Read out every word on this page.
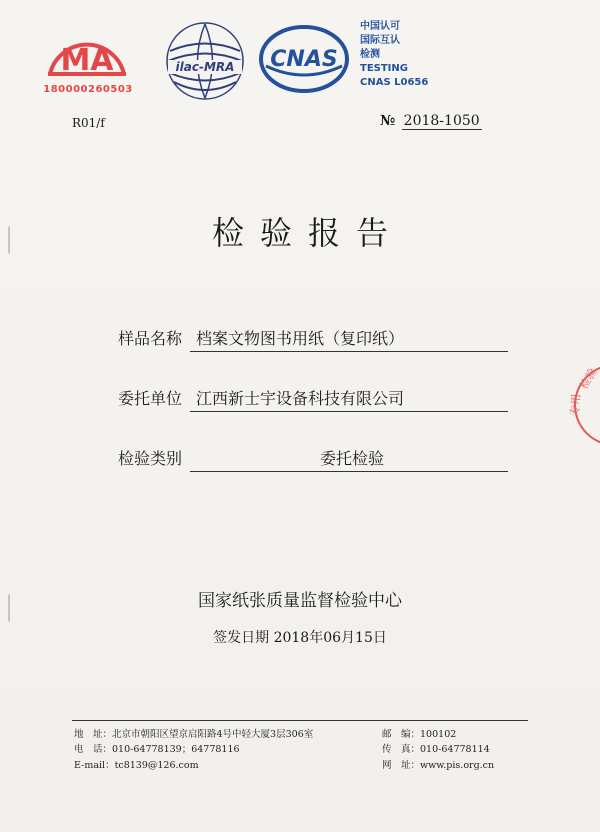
MA
180000260503
ilac-MRA CNAS
中国认可
国际互认
检测
TESTING
CNAS L0656
R01/f	№ 2018-1050
检验报告
样品名称 档案文物图书用纸（复印纸）
委托单位 江西新士宇设备科技有限公司
检验类别	委托检验
国家纸张质量监督检验中心
签发日期 2018年06月15日
地　址：北京市朝阳区望京启阳路4号中轻大厦3层306室	邮　编：100102
电　话：010-64778139；64778116	传　真：010-64778114
E-mail：tc8139@126.com	网　址：www.pis.org.cn
检验
专用
